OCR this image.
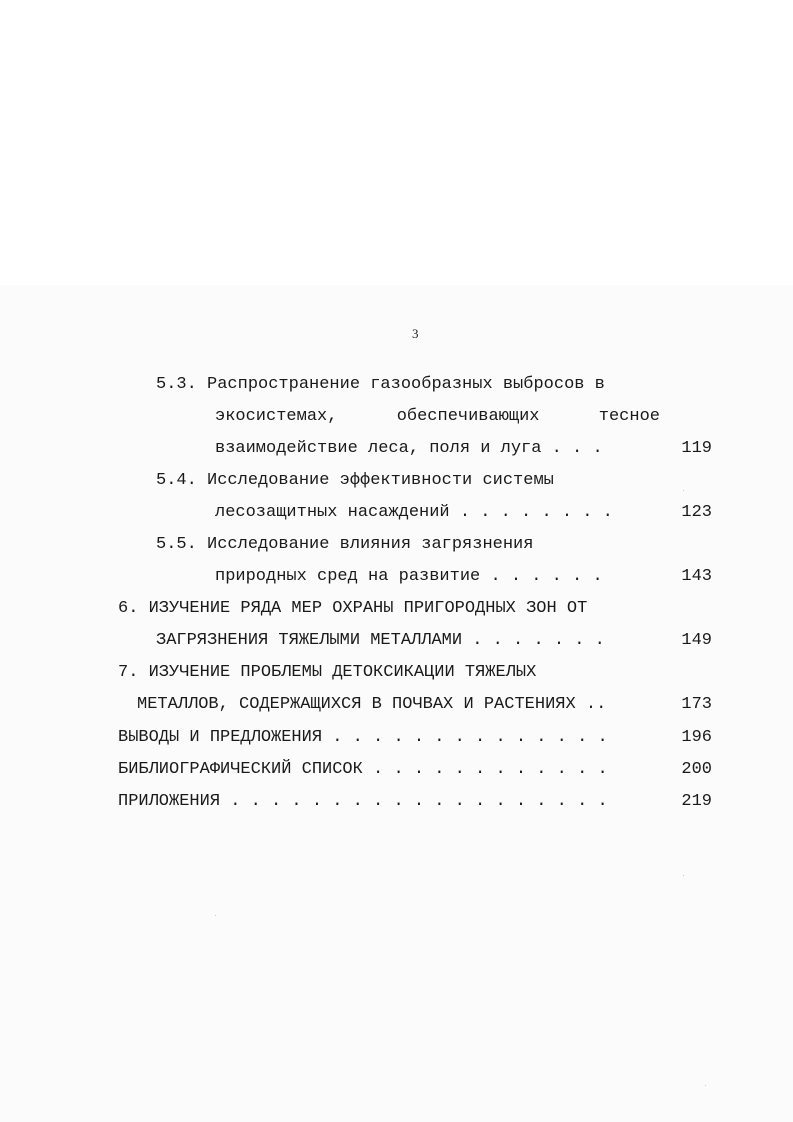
3
5.3. Распространение газообразных выбросов в
экосистемах,	обеспечивающих	тесное
взаимодействие леса, поля и луга . . .	119
5.4. Исследование эффективности системы
лесозащитных насаждений . . . . . . . .	123
5.5. Исследование влияния загрязнения
природных сред на развитие . . . . . .	143
6. ИЗУЧЕНИЕ РЯДА МЕР ОХРАНЫ ПРИГОРОДНЫХ ЗОН ОТ
ЗАГРЯЗНЕНИЯ ТЯЖЕЛЫМИ МЕТАЛЛАМИ . . . . . . .	149
7. ИЗУЧЕНИЕ ПРОБЛЕМЫ ДЕТОКСИКАЦИИ ТЯЖЕЛЫХ
МЕТАЛЛОВ, СОДЕРЖАЩИХСЯ В ПОЧВАХ И РАСТЕНИЯХ ..	173
ВЫВОДЫ И ПРЕДЛОЖЕНИЯ . . . . . . . . . . . . . .	196
БИБЛИОГРАФИЧЕСКИЙ СПИСОК . . . . . . . . . . . .	200
ПРИЛОЖЕНИЯ . . . . . . . . . . . . . . . . . . .	219
